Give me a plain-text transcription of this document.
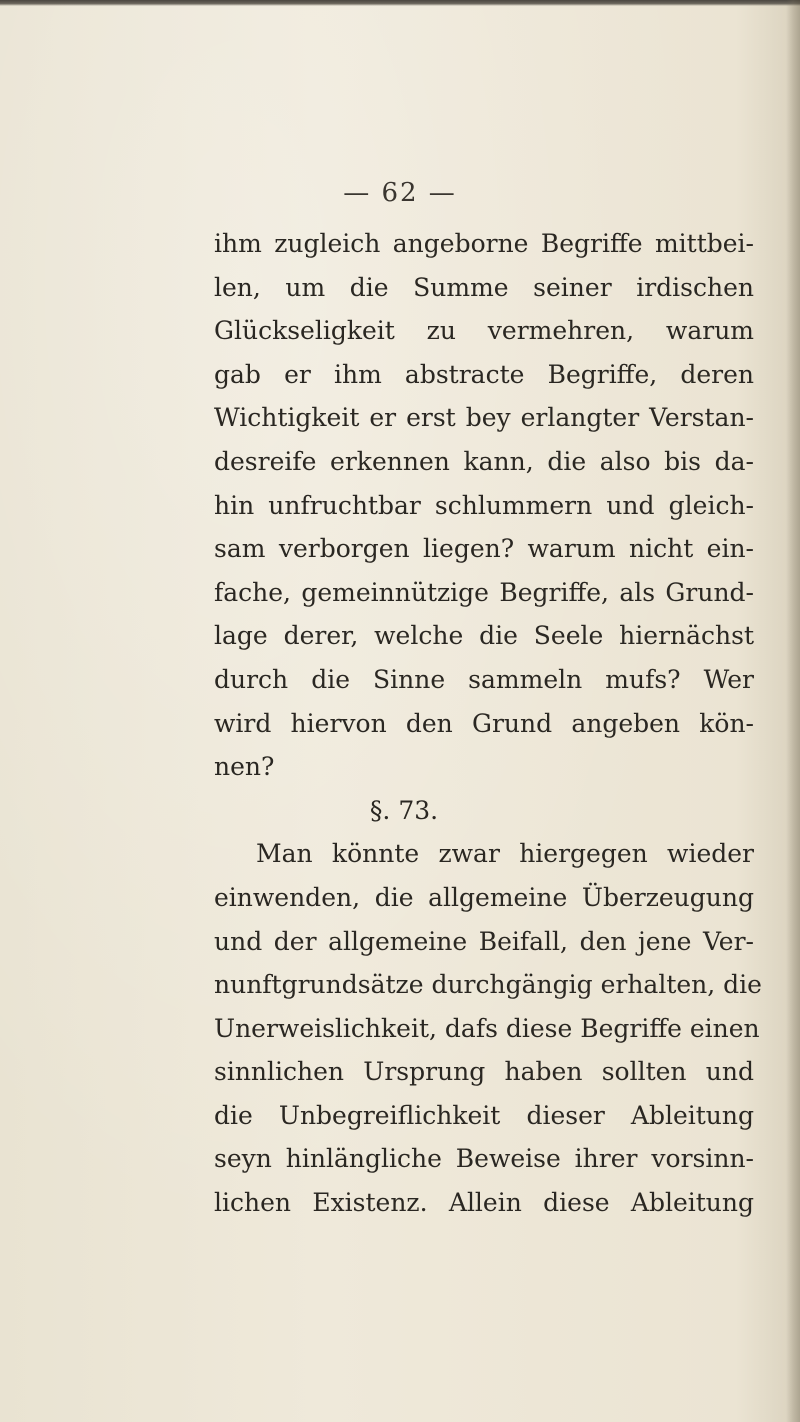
— 62 —
ihm zugleich angeborne Begriffe mittbei-
len, um die Summe seiner irdischen
Glückseligkeit zu vermehren, warum
gab er ihm abstracte Begriffe, deren
Wichtigkeit er erst bey erlangter Verstan-
desreife erkennen kann, die also bis da-
hin unfruchtbar schlummern und gleich-
sam verborgen liegen? warum nicht ein-
fache, gemeinnützige Begriffe, als Grund-
lage derer, welche die Seele hiernächst
durch die Sinne sammeln mufs? Wer
wird hiervon den Grund angeben kön-
nen?
§. 73.
Man könnte zwar hiergegen wieder
einwenden, die allgemeine Überzeugung
und der allgemeine Beifall, den jene Ver-
nunftgrundsätze durchgängig erhalten, die
Unerweislichkeit, dafs diese Begriffe einen
sinnlichen Ursprung haben sollten und
die Unbegreiflichkeit dieser Ableitung
seyn hinlängliche Beweise ihrer vorsinn-
lichen Existenz. Allein diese Ableitung
